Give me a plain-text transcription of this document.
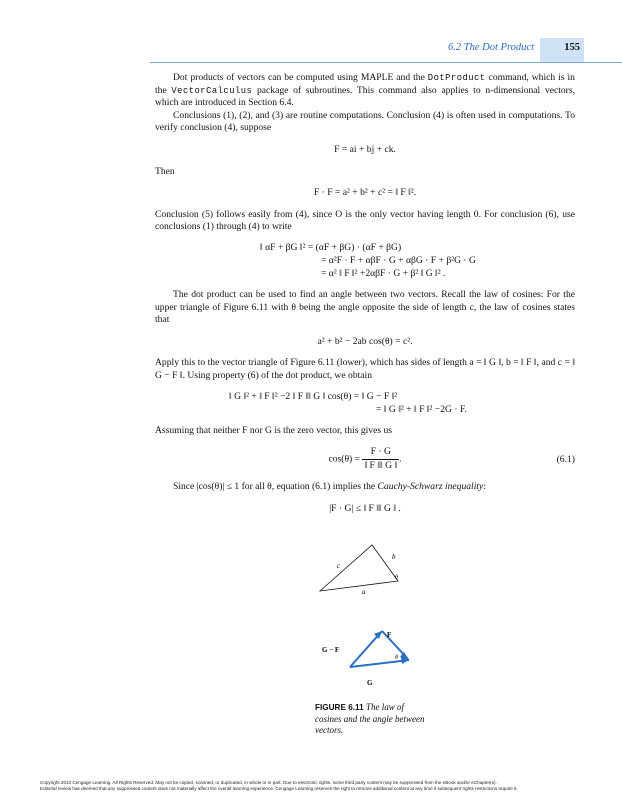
6.2 The Dot Product	155

Dot products of vectors can be computed using MAPLE and the DotProduct command, which is in the VectorCalculus package of subroutines. This command also applies to n-dimensional vectors, which are introduced in Section 6.4.

Conclusions (1), (2), and (3) are routine computations. Conclusion (4) is often used in computations. To verify conclusion (4), suppose

F = ai + bj + ck.

Then

F · F = a² + b² + c² = ‖ F ‖².

Conclusion (5) follows easily from (4), since O is the only vector having length 0. For conclusion (6), use conclusions (1) through (4) to write

‖ αF + βG ‖² = (αF + βG) · (αF + βG)
= α²F · F + αβF · G + αβG · F + β²G · G
= α² ‖ F ‖² +2αβF · G + β² ‖ G ‖² .

The dot product can be used to find an angle between two vectors. Recall the law of cosines: For the upper triangle of Figure 6.11 with θ being the angle opposite the side of length c, the law of cosines states that

a² + b² − 2ab cos(θ) = c².

Apply this to the vector triangle of Figure 6.11 (lower), which has sides of length a = ‖ G ‖, b = ‖ F ‖, and c = ‖ G − F ‖. Using property (6) of the dot product, we obtain

‖ G ‖² + ‖ F ‖² −2 ‖ F ‖‖ G ‖ cos(θ) = ‖ G − F ‖²
= ‖ G ‖² + ‖ F ‖² −2G · F.

Assuming that neither F nor G is the zero vector, this gives us

$\cos(\theta) = \frac{F \cdot G}{‖ F ‖‖ G ‖}$ .	(6.1)

Since |cos(θ)| ≤ 1 for all θ, equation (6.1) implies the Cauchy-Schwarz inequality:

|F · G| ≤ ‖ F ‖‖ G ‖ .
c
b
θ
a
G − F
F
θ
G
FIGURE 6.11 The law of cosines and the angle between vectors.
Copyright 2010 Cengage Learning. All Rights Reserved. May not be copied, scanned, or duplicated, in whole or in part. Due to electronic rights, some third party content may be suppressed from the eBook and/or eChapter(s).
Editorial review has deemed that any suppressed content does not materially affect the overall learning experience. Cengage Learning reserves the right to remove additional content at any time if subsequent rights restrictions require it.
